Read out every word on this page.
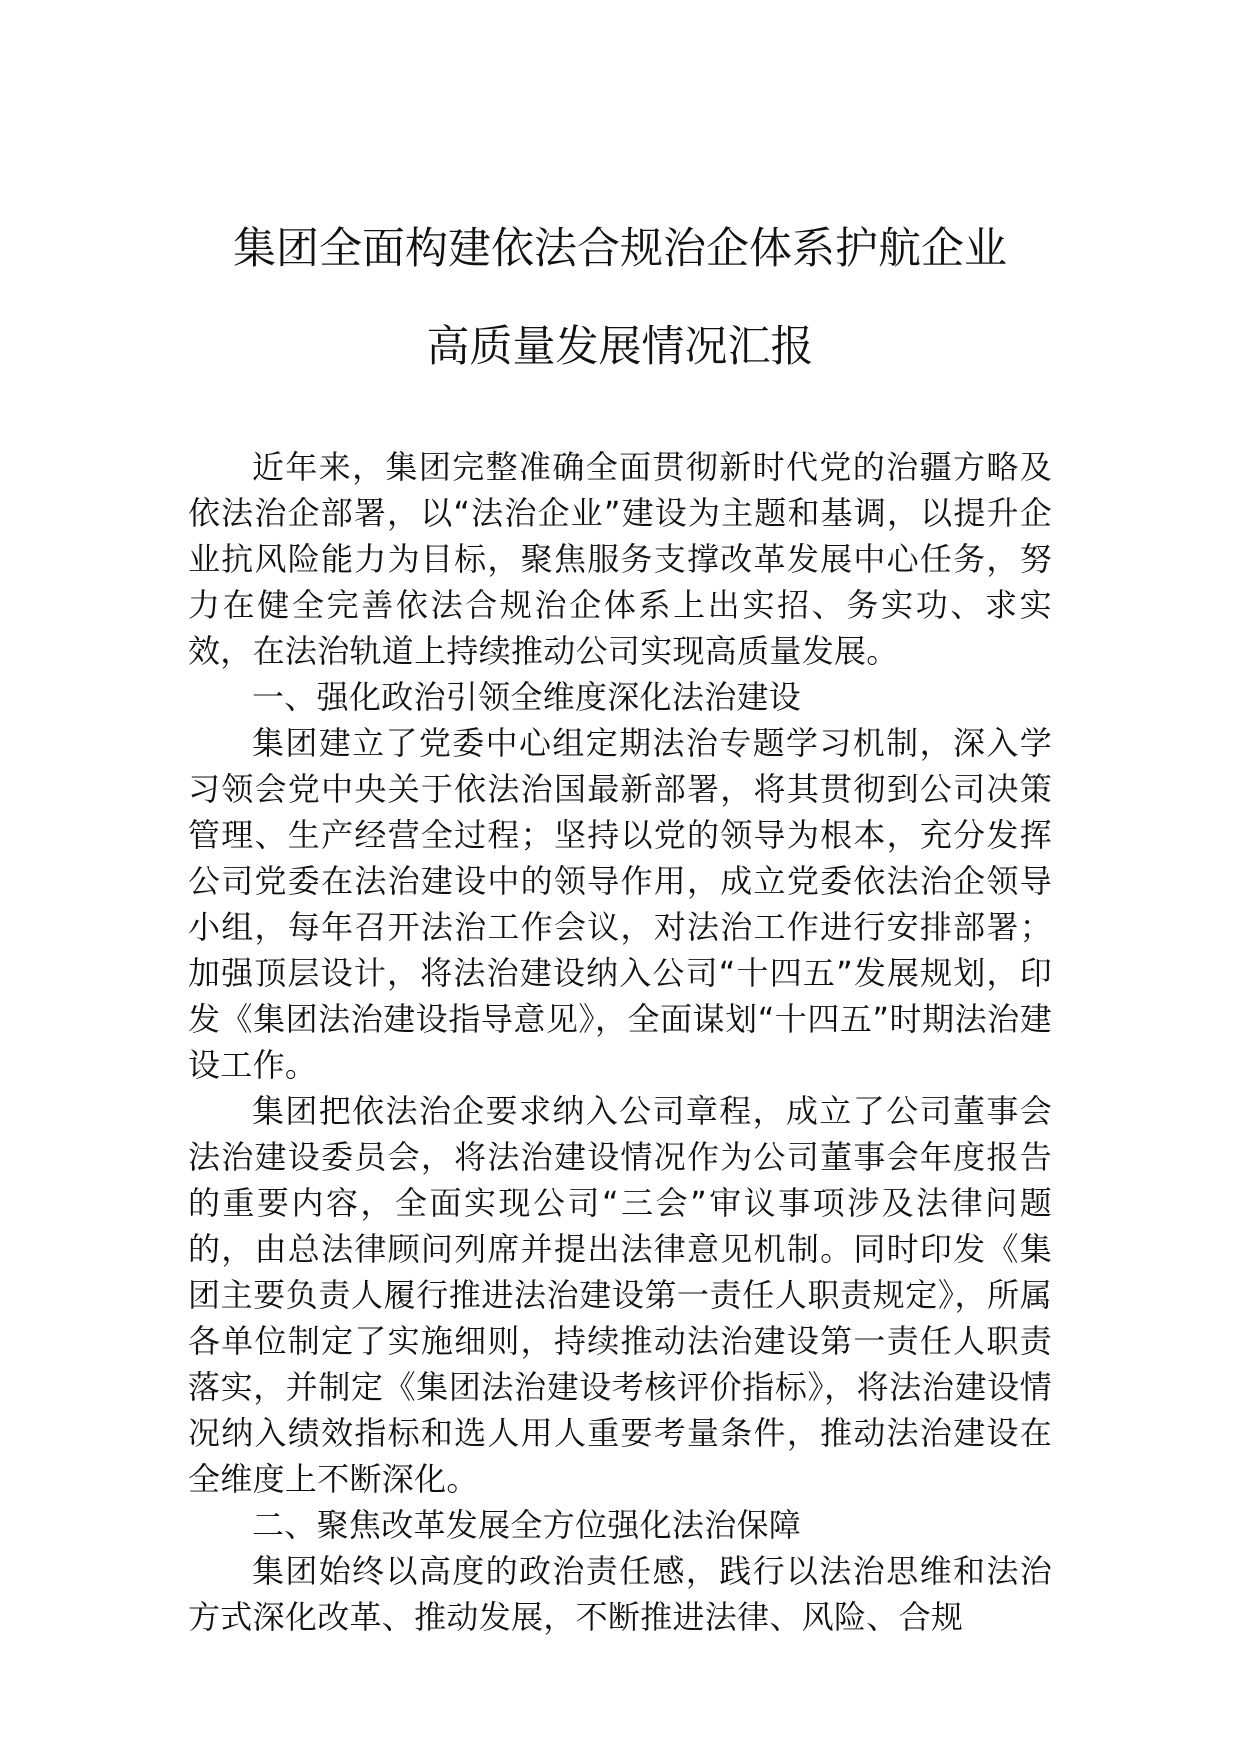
集团全面构建依法合规治企体系护航企业
高质量发展情况汇报

近年来，集团完整准确全面贯彻新时代党的治疆方略及依法治企部署，以“法治企业”建设为主题和基调，以提升企业抗风险能力为目标，聚焦服务支撑改革发展中心任务，努力在健全完善依法合规治企体系上出实招、务实功、求实效，在法治轨道上持续推动公司实现高质量发展。

一、强化政治引领全维度深化法治建设

集团建立了党委中心组定期法治专题学习机制，深入学习领会党中央关于依法治国最新部署，将其贯彻到公司决策管理、生产经营全过程；坚持以党的领导为根本，充分发挥公司党委在法治建设中的领导作用，成立党委依法治企领导小组，每年召开法治工作会议，对法治工作进行安排部署；加强顶层设计，将法治建设纳入公司“十四五”发展规划，印发《集团法治建设指导意见》，全面谋划“十四五”时期法治建设工作。

集团把依法治企要求纳入公司章程，成立了公司董事会法治建设委员会，将法治建设情况作为公司董事会年度报告的重要内容，全面实现公司“三会”审议事项涉及法律问题的，由总法律顾问列席并提出法律意见机制。同时印发《集团主要负责人履行推进法治建设第一责任人职责规定》，所属各单位制定了实施细则，持续推动法治建设第一责任人职责落实，并制定《集团法治建设考核评价指标》，将法治建设情况纳入绩效指标和选人用人重要考量条件，推动法治建设在全维度上不断深化。

二、聚焦改革发展全方位强化法治保障

集团始终以高度的政治责任感，践行以法治思维和法治方式深化改革、推动发展，不断推进法律、风险、合规
